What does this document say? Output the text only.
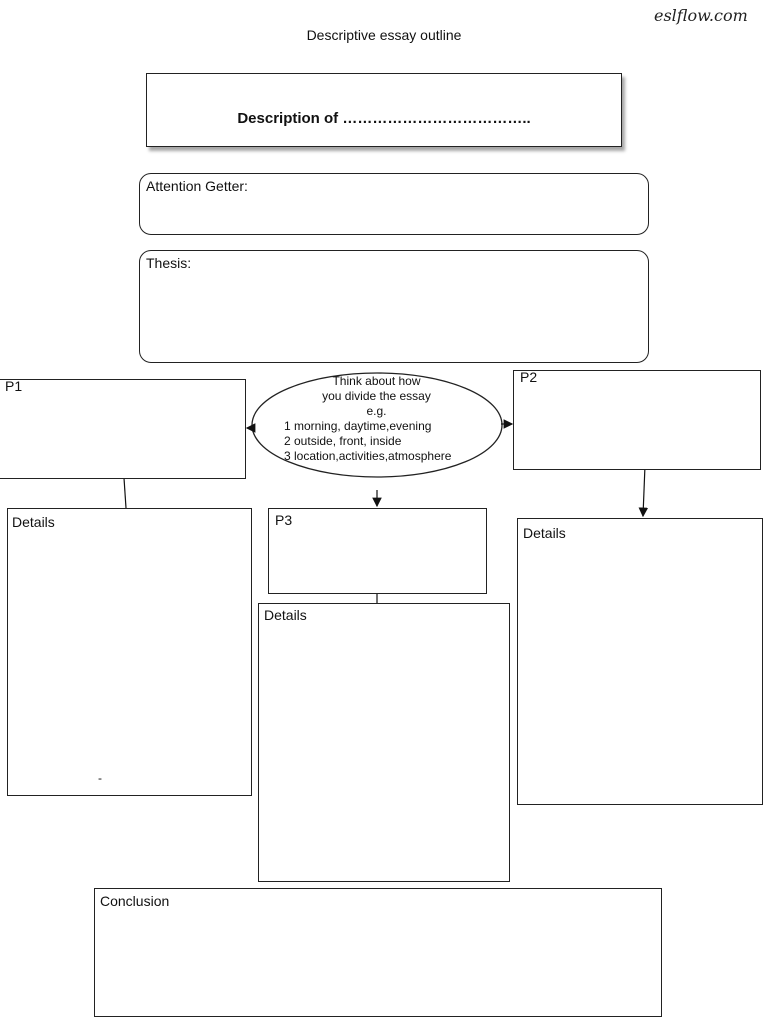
eslflow.com
Descriptive essay outline
Description of ………………………………..
Attention Getter:
Thesis:
P1	Think about how
you divide the essay
e.g.
1 morning, daytime,evening
2 outside, front, inside
3 location,activities,atmosphere
P2
Details
-
P3
Details
Details
Conclusion
